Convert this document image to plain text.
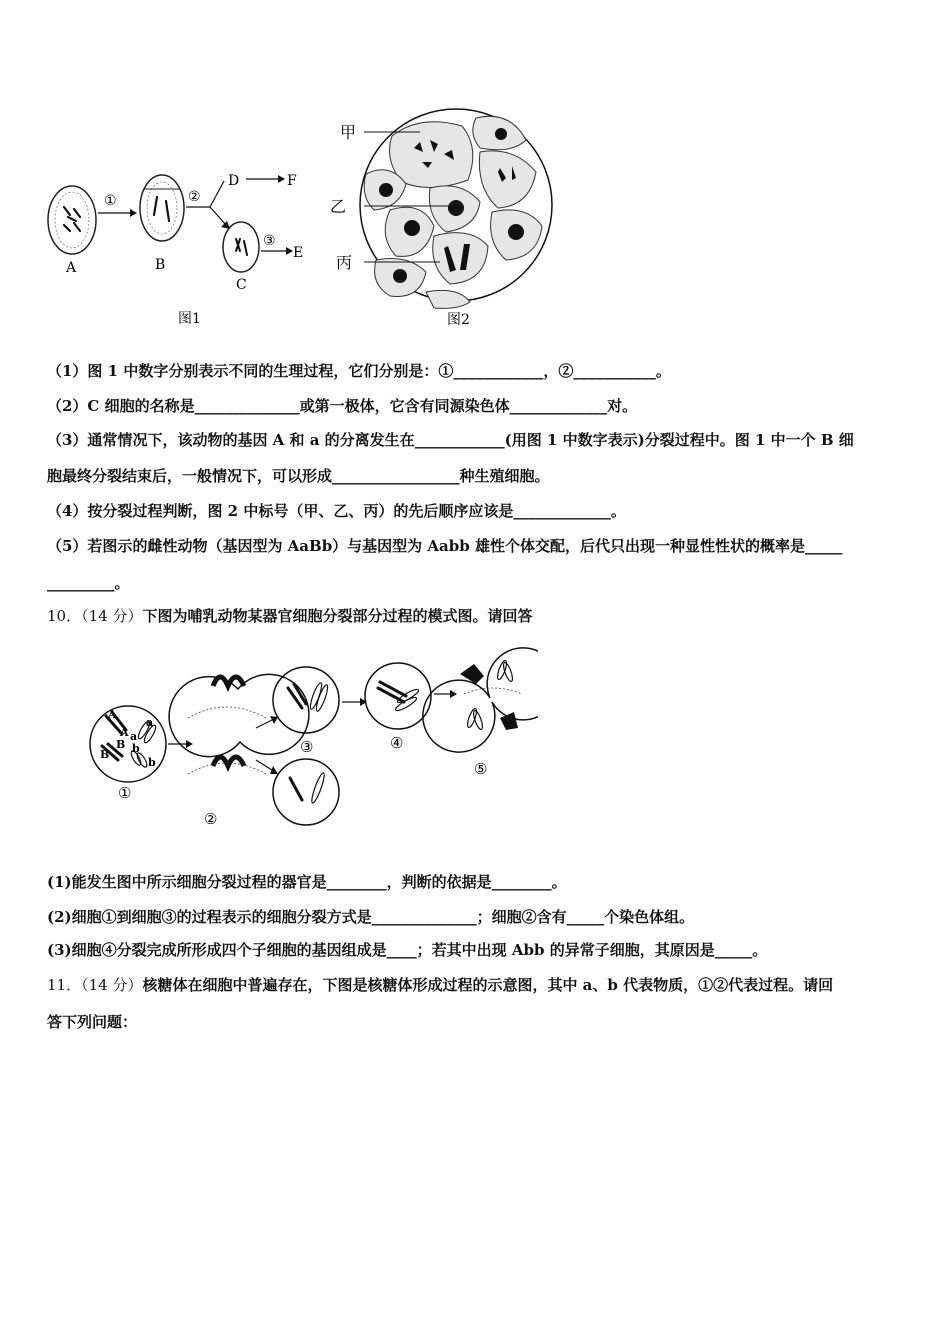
A
①
B
②
D	F
C
③
E
图1
甲
乙
丙
图2
（1）图 1 中数字分别表示不同的生理过程，它们分别是：①____________，②___________。
（2）C 细胞的名称是______________或第一极体，它含有同源染色体_____________对。
（3）通常情况下，该动物的基因 A 和 a 的分离发生在____________(用图 1 中数字表示)分裂过程中。图 1 中一个 B 细
胞最终分裂结束后，一般情况下，可以形成_________________种生殖细胞。
（4）按分裂过程判断，图 2 中标号（甲、乙、丙）的先后顺序应该是_____________。
（5）若图示的雌性动物（基因型为 AaBb）与基因型为 Aabb 雄性个体交配，后代只出现一种显性性状的概率是_____
_________。
10．（14 分）下图为哺乳动物某器官细胞分裂部分过程的模式图。请回答
A
A
a
a
B
B b
b
①
②
③	④
⑤
(1)能发生图中所示细胞分裂过程的器官是________，判断的依据是________。
(2)细胞①到细胞③的过程表示的细胞分裂方式是______________；细胞②含有_____个染色体组。
(3)细胞④分裂完成所形成四个子细胞的基因组成是____；若其中出现 Abb 的异常子细胞，其原因是_____。
11．（14 分）核糖体在细胞中普遍存在，下图是核糖体形成过程的示意图，其中 a、b 代表物质，①②代表过程。请回
答下列问题：
